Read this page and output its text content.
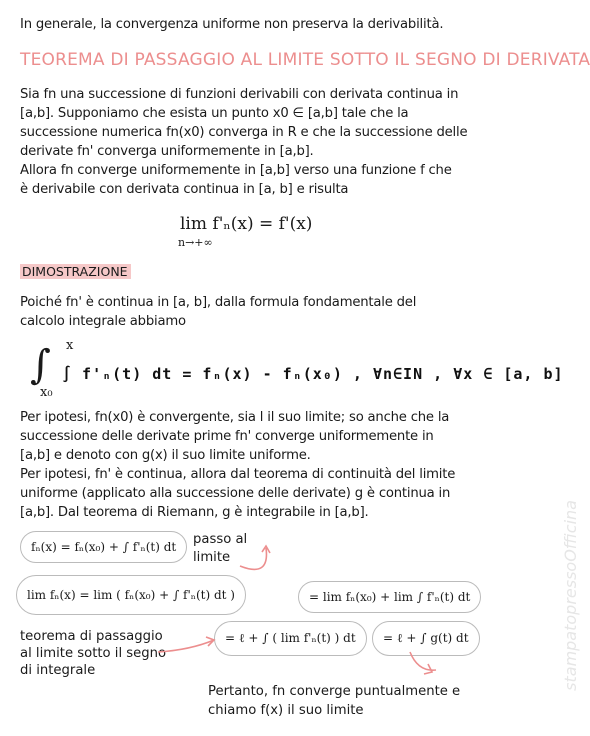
In generale, la convergenza uniforme non preserva la derivabilità.
TEOREMA DI PASSAGGIO AL LIMITE SOTTO IL SEGNO DI DERIVATA
Sia fn una successione di funzioni derivabili con derivata continua in
[a,b]. Supponiamo che esista un punto x0 ∈ [a,b] tale che la
successione numerica fn(x0) converga in R e che la successione delle
derivate fn' converga uniformemente in [a,b].
Allora fn converge uniformemente in [a,b] verso una funzione f che
è derivabile con derivata continua in [a, b] e risulta
lim f'ₙ(x) = f'(x)
n→+∞
DIMOSTRAZIONE
Poiché fn' è continua in [a, b], dalla formula fondamentale del
calcolo integrale abbiamo
∫ x
x₀
∫ f'ₙ(t) dt = fₙ(x) - fₙ(x₀) , ∀n∈IN , ∀x ∈ [a, b]
Per ipotesi, fn(x0) è convergente, sia l il suo limite; so anche che la
successione delle derivate prime fn' converge uniformemente in
[a,b] e denoto con g(x) il suo limite uniforme.
Per ipotesi, fn' è continua, allora dal teorema di continuità del limite
uniforme (applicato alla successione delle derivate) g è continua in
[a,b]. Dal teorema di Riemann, g è integrabile in [a,b].
fₙ(x) = fₙ(x₀) + ∫ f'ₙ(t) dt	passo al
limite
lim fₙ(x) = lim ( fₙ(x₀) + ∫ f'ₙ(t) dt )	= lim fₙ(x₀) + lim ∫ f'ₙ(t) dt
teorema di passaggio
al limite sotto il segno
di integrale
= ℓ + ∫ ( lim f'ₙ(t) ) dt	= ℓ + ∫ g(t) dt
Pertanto, fn converge puntualmente e
chiamo f(x) il suo limite
stampatopressoOfficina
